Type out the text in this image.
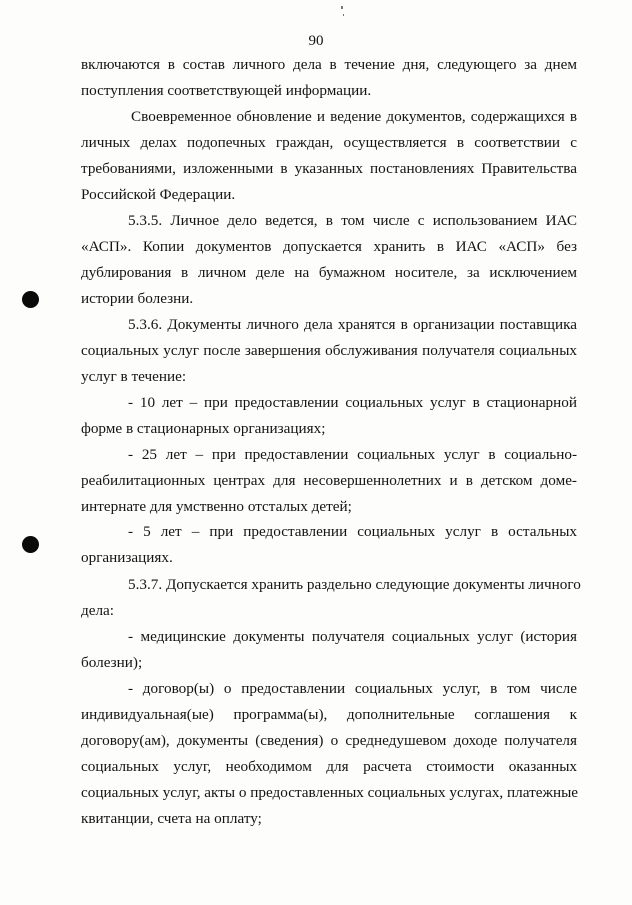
90
включаются в состав личного дела в течение дня, следующего за днем
поступления соответствующей информации.
Своевременное обновление и ведение документов, содержащихся в
личных делах подопечных граждан, осуществляется в соответствии с
требованиями, изложенными в указанных постановлениях Правительства
Российской Федерации.
5.3.5. Личное дело ведется, в том числе с использованием ИАС
«АСП». Копии документов допускается хранить в ИАС «АСП» без
дублирования в личном деле на бумажном носителе, за исключением
истории болезни.
5.3.6. Документы личного дела хранятся в организации поставщика
социальных услуг после завершения обслуживания получателя социальных
услуг в течение:
- 10 лет – при предоставлении социальных услуг в стационарной
форме в стационарных организациях;
- 25 лет – при предоставлении социальных услуг в социально-
реабилитационных центрах для несовершеннолетних и в детском доме-
интернате для умственно отсталых детей;
- 5 лет – при предоставлении социальных услуг в остальных
организациях.
5.3.7. Допускается хранить раздельно следующие документы личного
дела:
- медицинские документы получателя социальных услуг (история
болезни);
- договор(ы) о предоставлении социальных услуг, в том числе
индивидуальная(ые) программа(ы), дополнительные соглашения к
договору(ам), документы (сведения) о среднедушевом доходе получателя
социальных услуг, необходимом для расчета стоимости оказанных
социальных услуг, акты о предоставленных социальных услугах, платежные
квитанции, счета на оплату;
